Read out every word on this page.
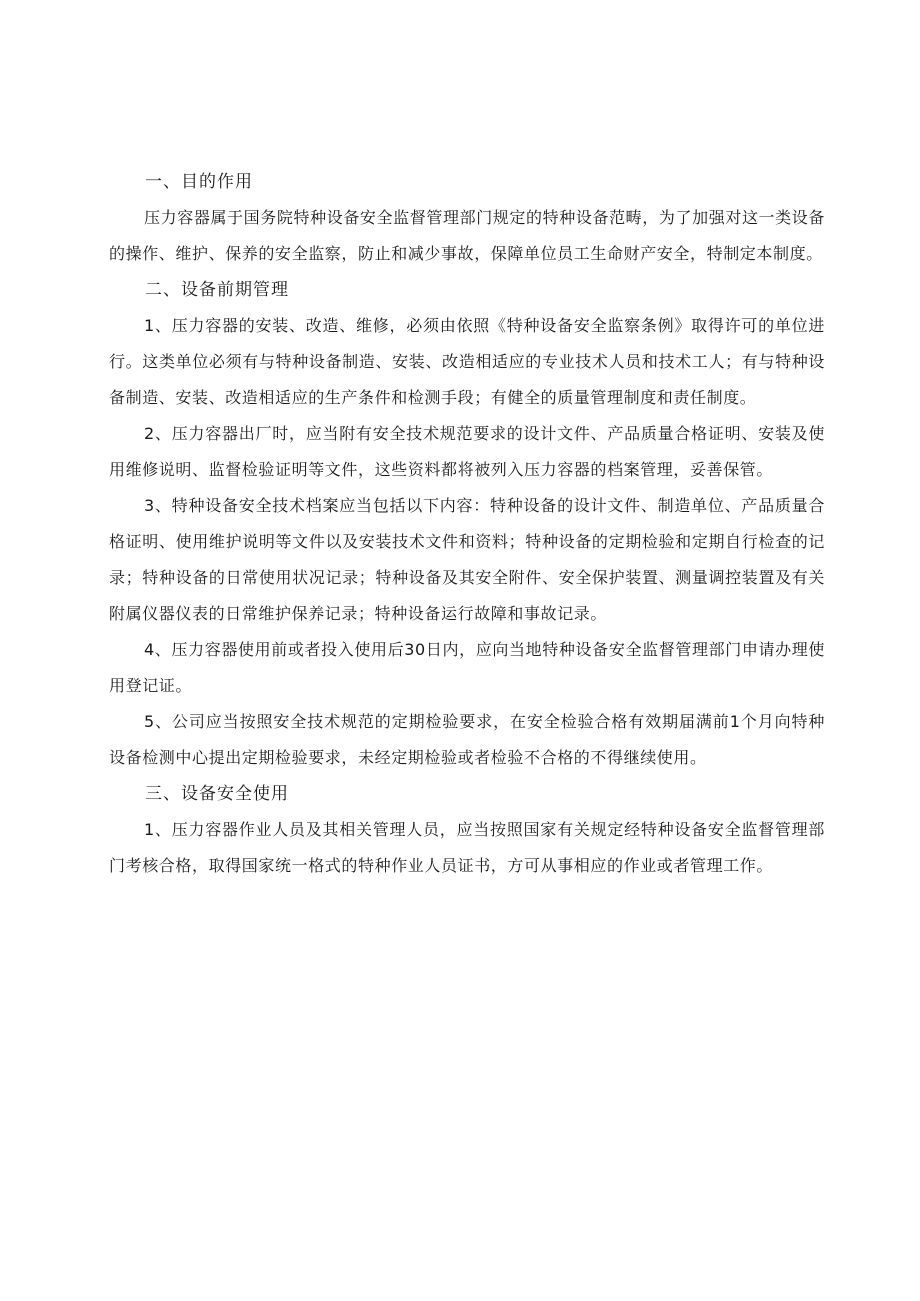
一、目的作用

压力容器属于国务院特种设备安全监督管理部门规定的特种设备范畴，为了加强对这一类设备的操作、维护、保养的安全监察，防止和减少事故，保障单位员工生命财产安全，特制定本制度。

二、设备前期管理

1、压力容器的安装、改造、维修，必须由依照《特种设备安全监察条例》取得许可的单位进行。这类单位必须有与特种设备制造、安装、改造相适应的专业技术人员和技术工人；有与特种设备制造、安装、改造相适应的生产条件和检测手段；有健全的质量管理制度和责任制度。

2、压力容器出厂时，应当附有安全技术规范要求的设计文件、产品质量合格证明、安装及使用维修说明、监督检验证明等文件，这些资料都将被列入压力容器的档案管理，妥善保管。

3、特种设备安全技术档案应当包括以下内容：特种设备的设计文件、制造单位、产品质量合格证明、使用维护说明等文件以及安装技术文件和资料；特种设备的定期检验和定期自行检查的记录；特种设备的日常使用状况记录；特种设备及其安全附件、安全保护装置、测量调控装置及有关附属仪器仪表的日常维护保养记录；特种设备运行故障和事故记录。

4、压力容器使用前或者投入使用后30日内，应向当地特种设备安全监督管理部门申请办理使用登记证。

5、公司应当按照安全技术规范的定期检验要求，在安全检验合格有效期届满前1个月向特种设备检测中心提出定期检验要求，未经定期检验或者检验不合格的不得继续使用。

三、设备安全使用

1、压力容器作业人员及其相关管理人员，应当按照国家有关规定经特种设备安全监督管理部门考核合格，取得国家统一格式的特种作业人员证书，方可从事相应的作业或者管理工作。
